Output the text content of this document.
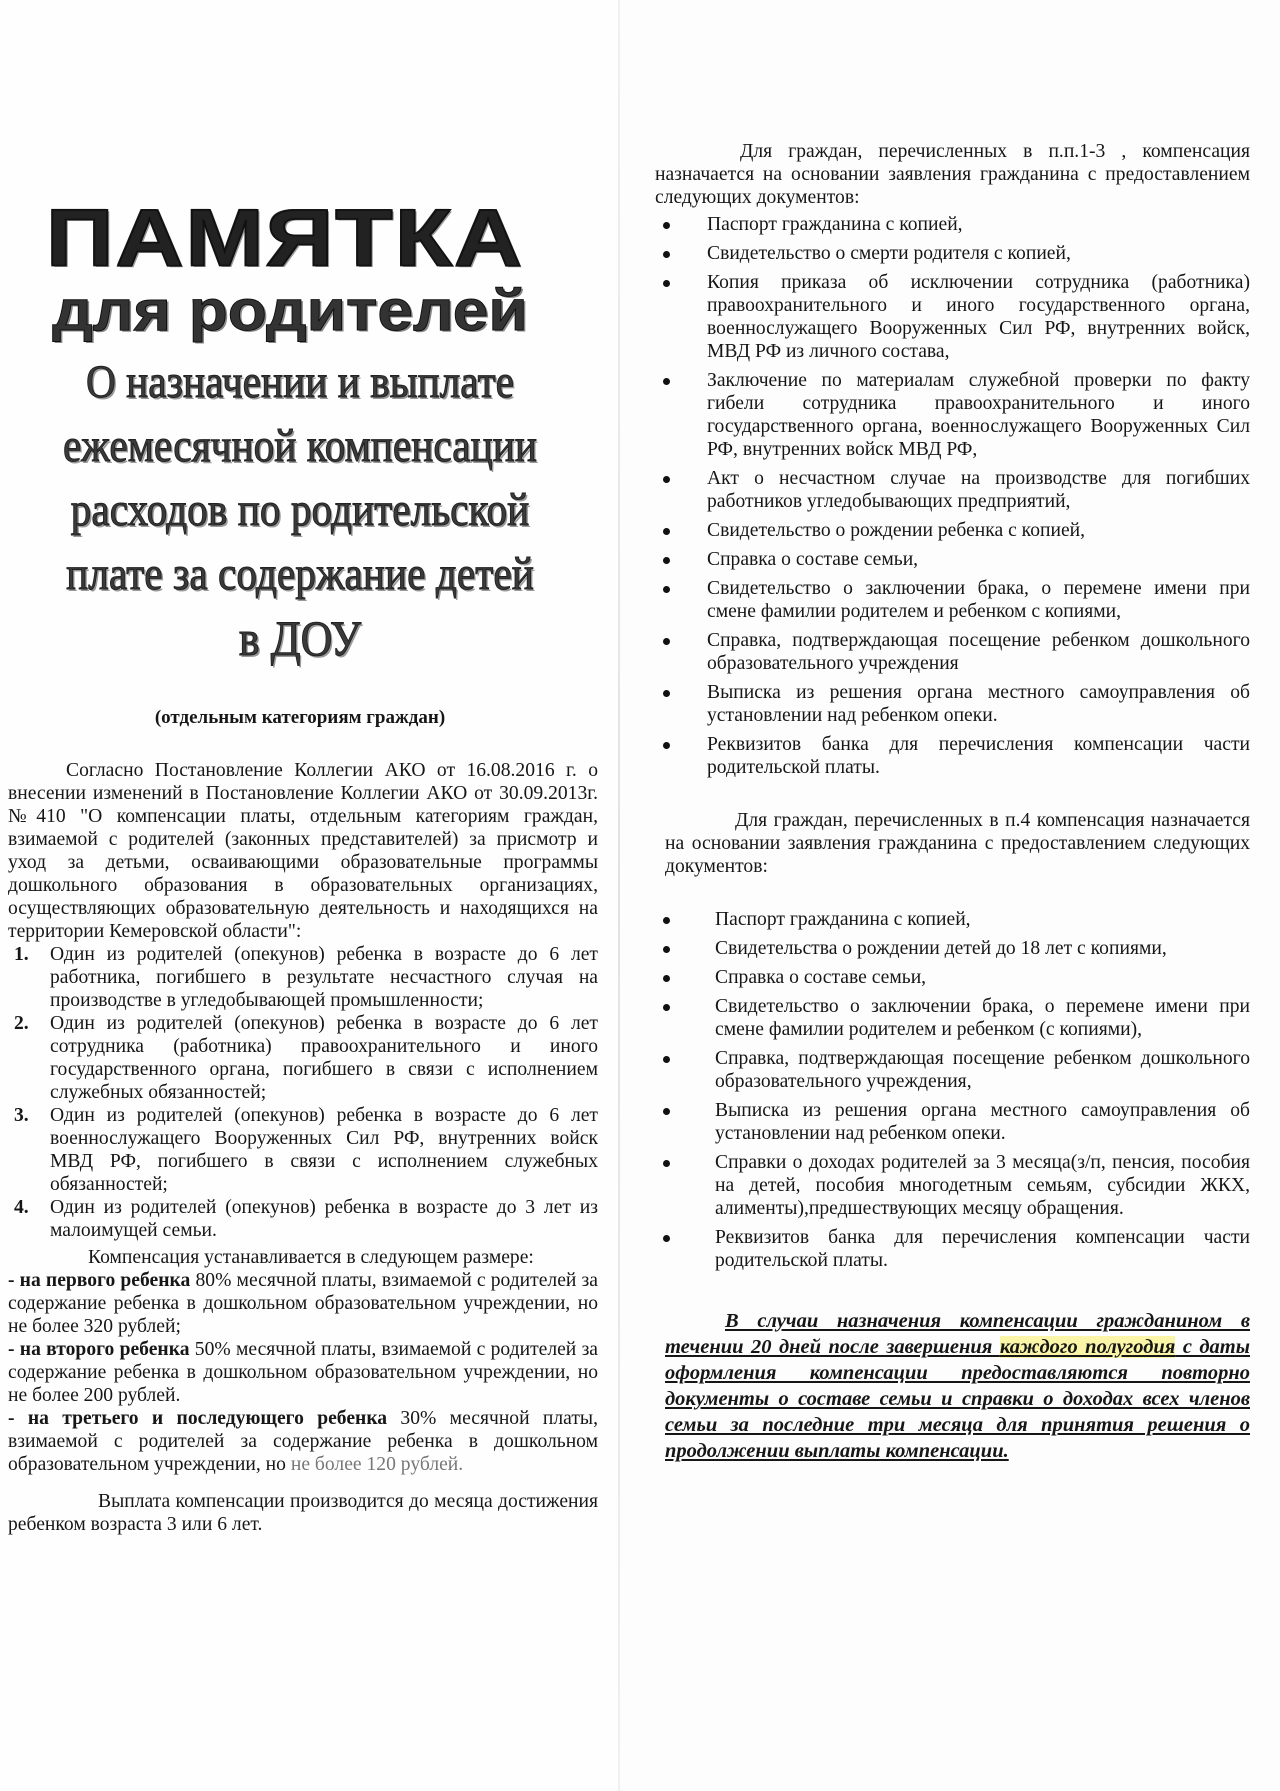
ПАМЯТКА
для родителей
О назначении и выплате
ежемесячной компенсации
расходов по родительской
плате за содержание детей
в ДОУ
(отдельным категориям граждан)

Согласно Постановление Коллегии АКО от 16.08.2016 г. о внесении изменений в Постановление Коллегии АКО от 30.09.2013г. №410 "О компенсации платы, отдельным категориям граждан, взимаемой с родителей (законных представителей) за присмотр и уход за детьми, осваивающими образовательные программы дошкольного образования в образовательных организациях, осуществляющих образовательную деятельность и находящихся на территории Кемеровской области":

1. Один из родителей (опекунов) ребенка в возрасте до 6 лет работника, погибшего в результате несчастного случая на производстве в угледобывающей промышленности;
2. Один из родителей (опекунов) ребенка в возрасте до 6 лет сотрудника (работника) правоохранительного и иного государственного органа, погибшего в связи с исполнением служебных обязанностей;
3. Один из родителей (опекунов) ребенка в возрасте до 6 лет военнослужащего Вооруженных Сил РФ, внутренних войск МВД РФ, погибшего в связи с исполнением служебных обязанностей;
4. Один из родителей (опекунов) ребенка в возрасте до 3 лет из малоимущей семьи.

Компенсация устанавливается в следующем размере:

- на первого ребенка 80% месячной платы, взимаемой с родителей за содержание ребенка в дошкольном образовательном учреждении, но не более 320 рублей;

- на второго ребенка 50% месячной платы, взимаемой с родителей за содержание ребенка в дошкольном образовательном учреждении, но не более 200 рублей.

- на третьего и последующего ребенка 30% месячной платы, взимаемой с родителей за содержание ребенка в дошкольном образовательном учреждении, но не более 120 рублей.

Выплата компенсации производится до месяца достижения ребенком возраста 3 или 6 лет.

Для граждан, перечисленных в п.п.1-3 , компенсация назначается на основании заявления гражданина с предоставлением следующих документов:

Паспорт гражданина с копией,
Свидетельство о смерти родителя с копией,
Копия приказа об исключении сотрудника (работника) правоохранительного и иного государственного органа, военнослужащего Вооруженных Сил РФ, внутренних войск, МВД РФ из личного состава,
Заключение по материалам служебной проверки по факту гибели сотрудника правоохранительного и иного государственного органа, военнослужащего Вооруженных Сил РФ, внутренних войск МВД РФ,
Акт о несчастном случае на производстве для погибших работников угледобывающих предприятий,
Свидетельство о рождении ребенка с копией,
Справка о составе семьи,
Свидетельство о заключении брака, о перемене имени при смене фамилии родителем и ребенком с копиями,
Справка, подтверждающая посещение ребенком дошкольного образовательного учреждения
Выписка из решения органа местного самоуправления об установлении над ребенком опеки.
Реквизитов банка для перечисления компенсации части родительской платы.

Для граждан, перечисленных в п.4 компенсация назначается на основании заявления гражданина с предоставлением следующих документов:

Паспорт гражданина с копией,
Свидетельства о рождении детей до 18 лет с копиями,
Справка о составе семьи,
Свидетельство о заключении брака, о перемене имени при смене фамилии родителем и ребенком (с копиями),
Справка, подтверждающая посещение ребенком дошкольного образовательного учреждения,
Выписка из решения органа местного самоуправления об установлении над ребенком опеки.
Справки о доходах родителей за 3 месяца(з/п, пенсия, пособия на детей, пособия многодетным семьям, субсидии ЖКХ, алименты),предшествующих месяцу обращения.
Реквизитов банка для перечисления компенсации части родительской платы.

В случаи назначения компенсации гражданином в течении 20 дней после завершения каждого полугодия с даты оформления компенсации предоставляются повторно документы о составе семьи и справки о доходах всех членов семьи за последние три месяца для принятия решения о продолжении выплаты компенсации.
